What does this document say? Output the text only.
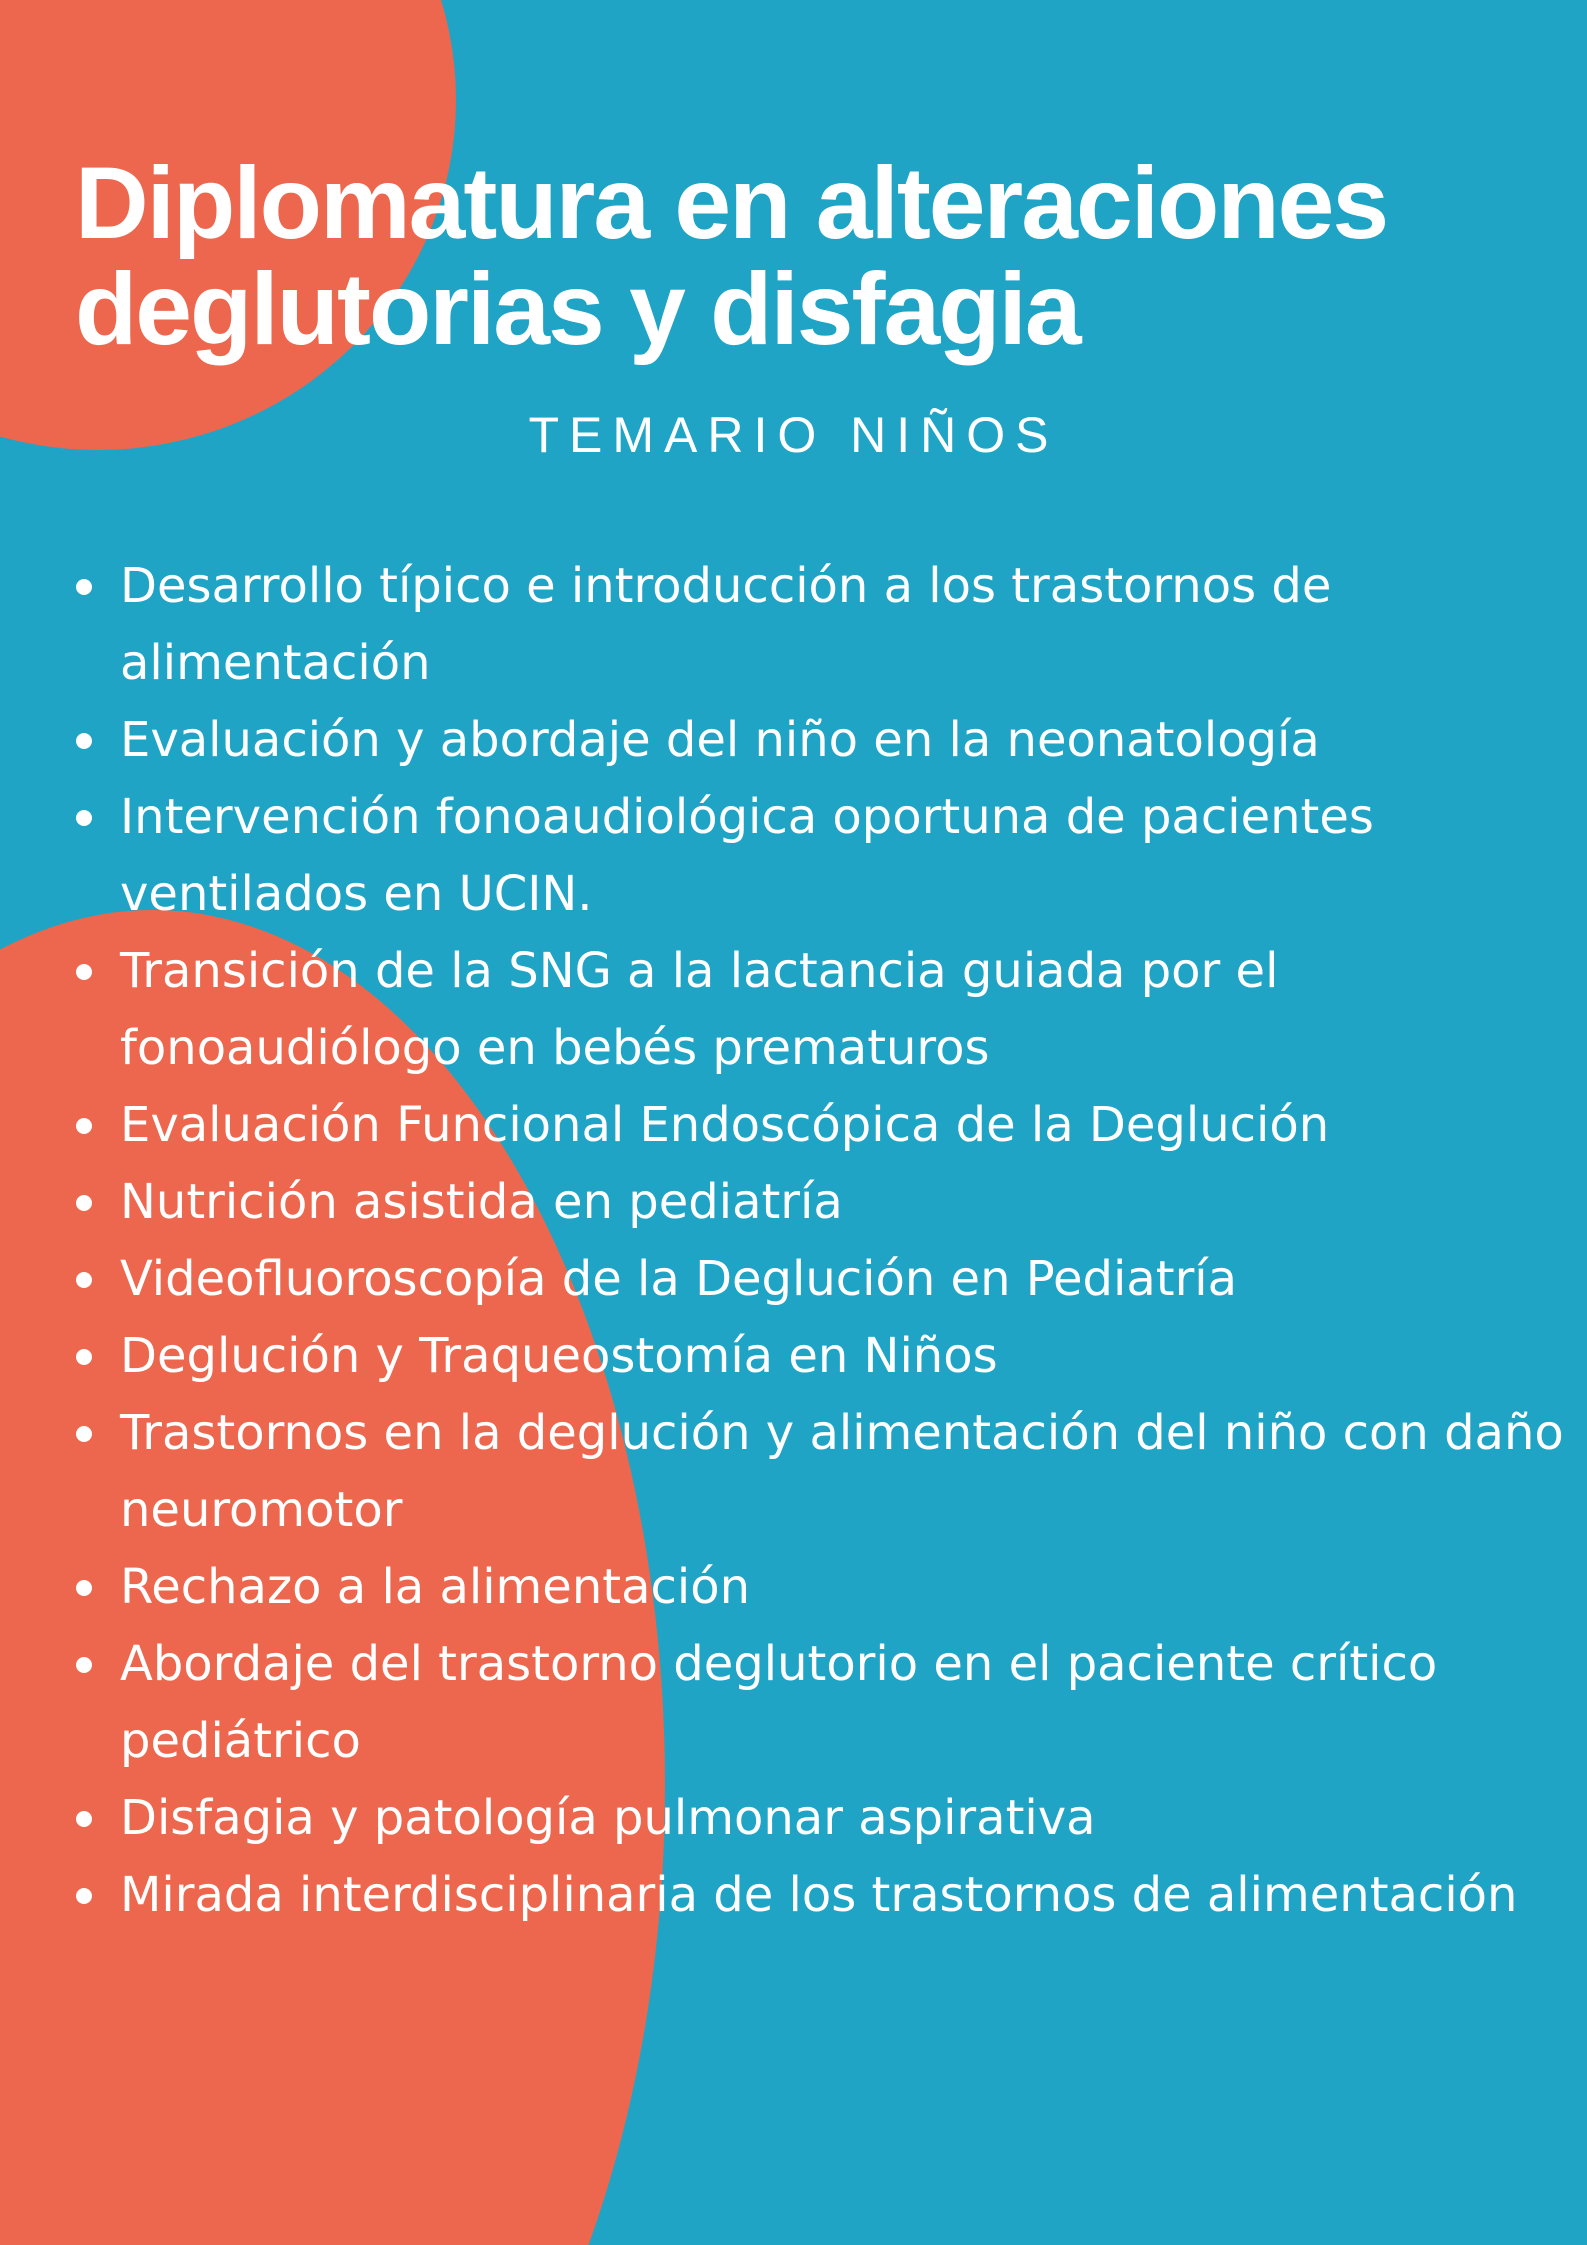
Diplomatura en alteraciones
deglutorias y disfagia
TEMARIO NIÑOS
Desarrollo típico e introducción a los trastornos de alimentación
Evaluación y abordaje del niño en la neonatología
Intervención fonoaudiológica oportuna de pacientes ventilados en UCIN.
Transición de la SNG a la lactancia guiada por el fonoaudiólogo en bebés prematuros
Evaluación Funcional Endoscópica de la Deglución
Nutrición asistida en pediatría
Videofluoroscopía de la Deglución en Pediatría
Deglución y Traqueostomía en Niños
Trastornos en la deglución y alimentación del niño con daño neuromotor
Rechazo a la alimentación
Abordaje del trastorno deglutorio en el paciente crítico pediátrico
Disfagia y patología pulmonar aspirativa
Mirada interdisciplinaria de los trastornos de alimentación
